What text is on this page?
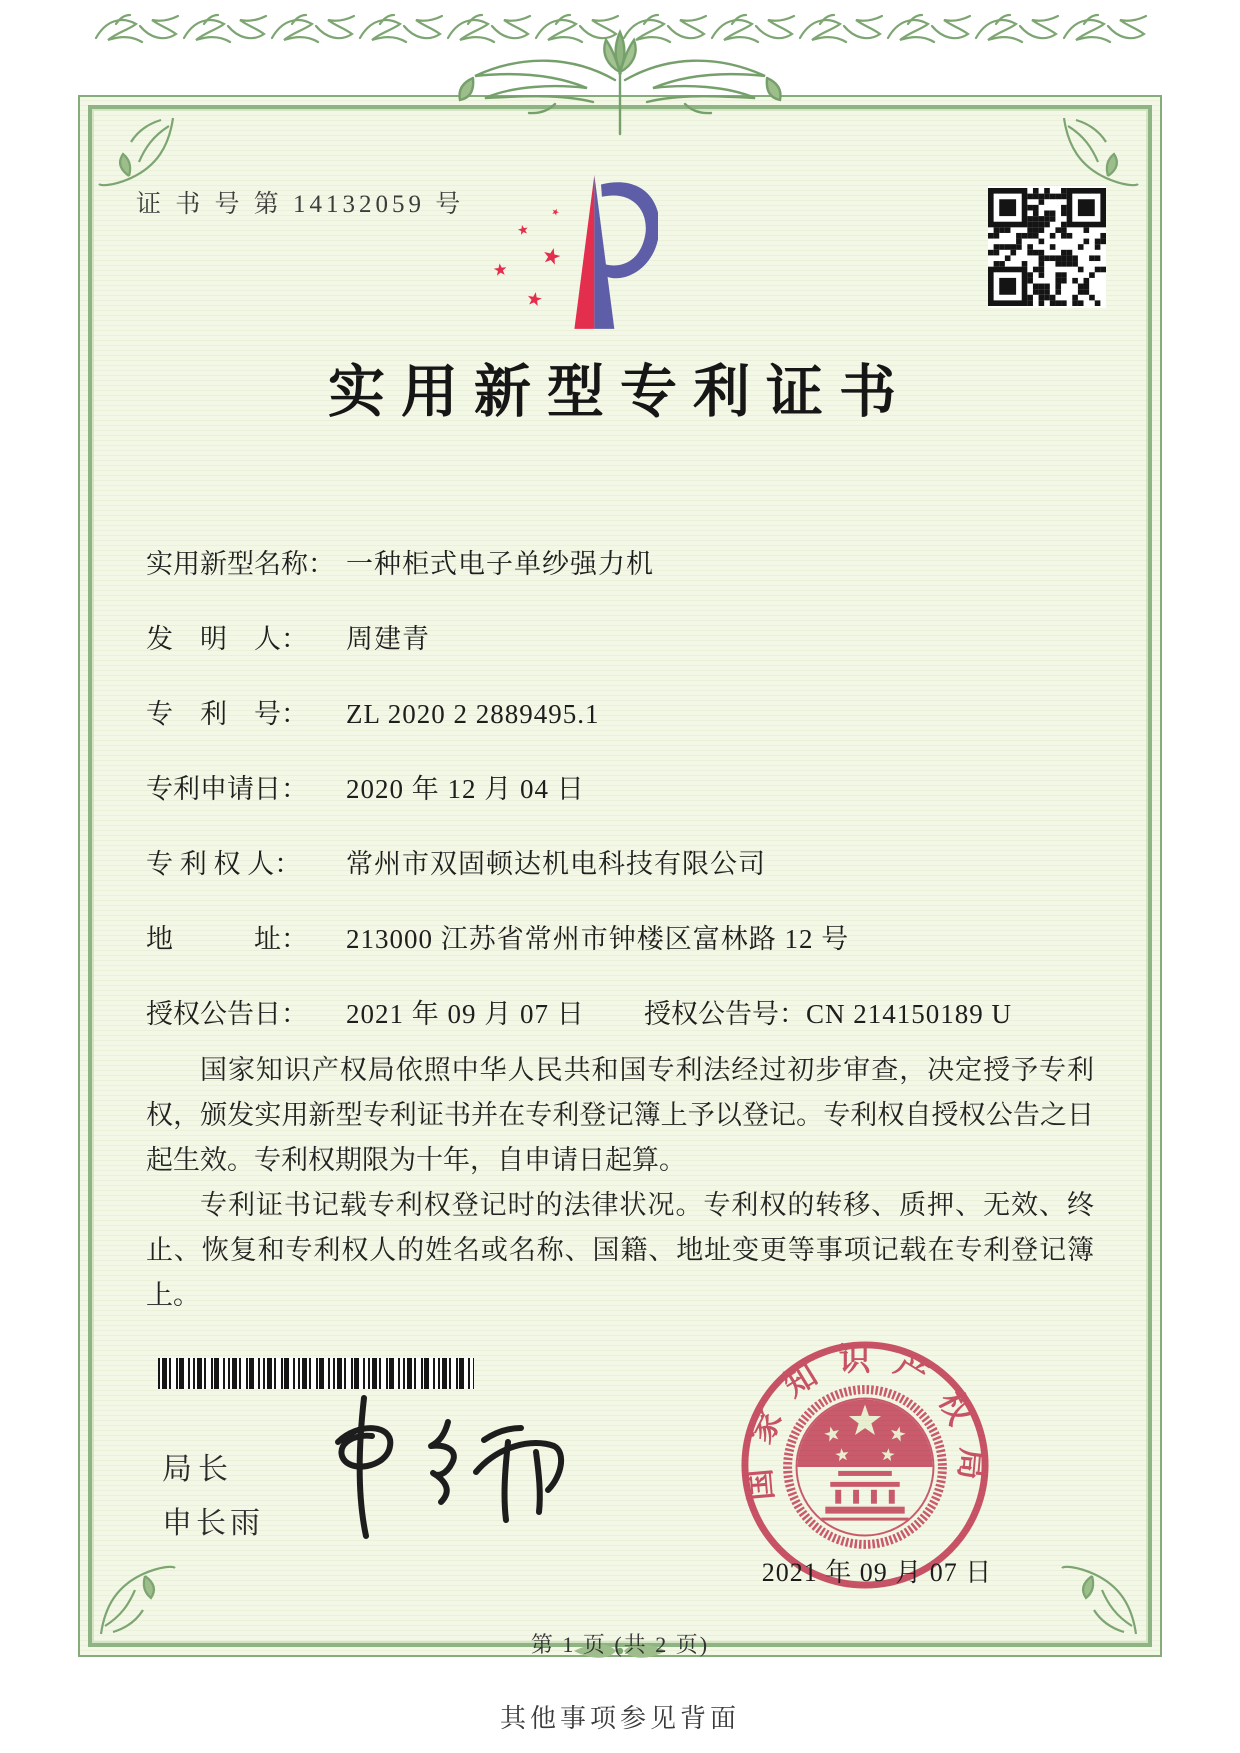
证 书 号 第 14132059 号
实用新型专利证书
实用新型名称： 一种柜式电子单纱强力机
发　明　人： 周建青
专　利　号： ZL 2020 2 2889495.1
专利申请日： 2020 年 12 月 04 日
专 利 权 人： 常州市双固顿达机电科技有限公司
地　　　址： 213000 江苏省常州市钟楼区富林路 12 号
授权公告日： 2021 年 09 月 07 日 授权公告号：CN 214150189 U

国家知识产权局依照中华人民共和国专利法经过初步审查，决定授予专利权，颁发实用新型专利证书并在专利登记簿上予以登记。专利权自授权公告之日起生效。专利权期限为十年，自申请日起算。

专利证书记载专利权登记时的法律状况。专利权的转移、质押、无效、终止、恢复和专利权人的姓名或名称、国籍、地址变更等事项记载在专利登记簿上。

局长
申长雨
国家知识产权局
2021 年 09 月 07 日
第 1 页 (共 2 页)
其他事项参见背面
